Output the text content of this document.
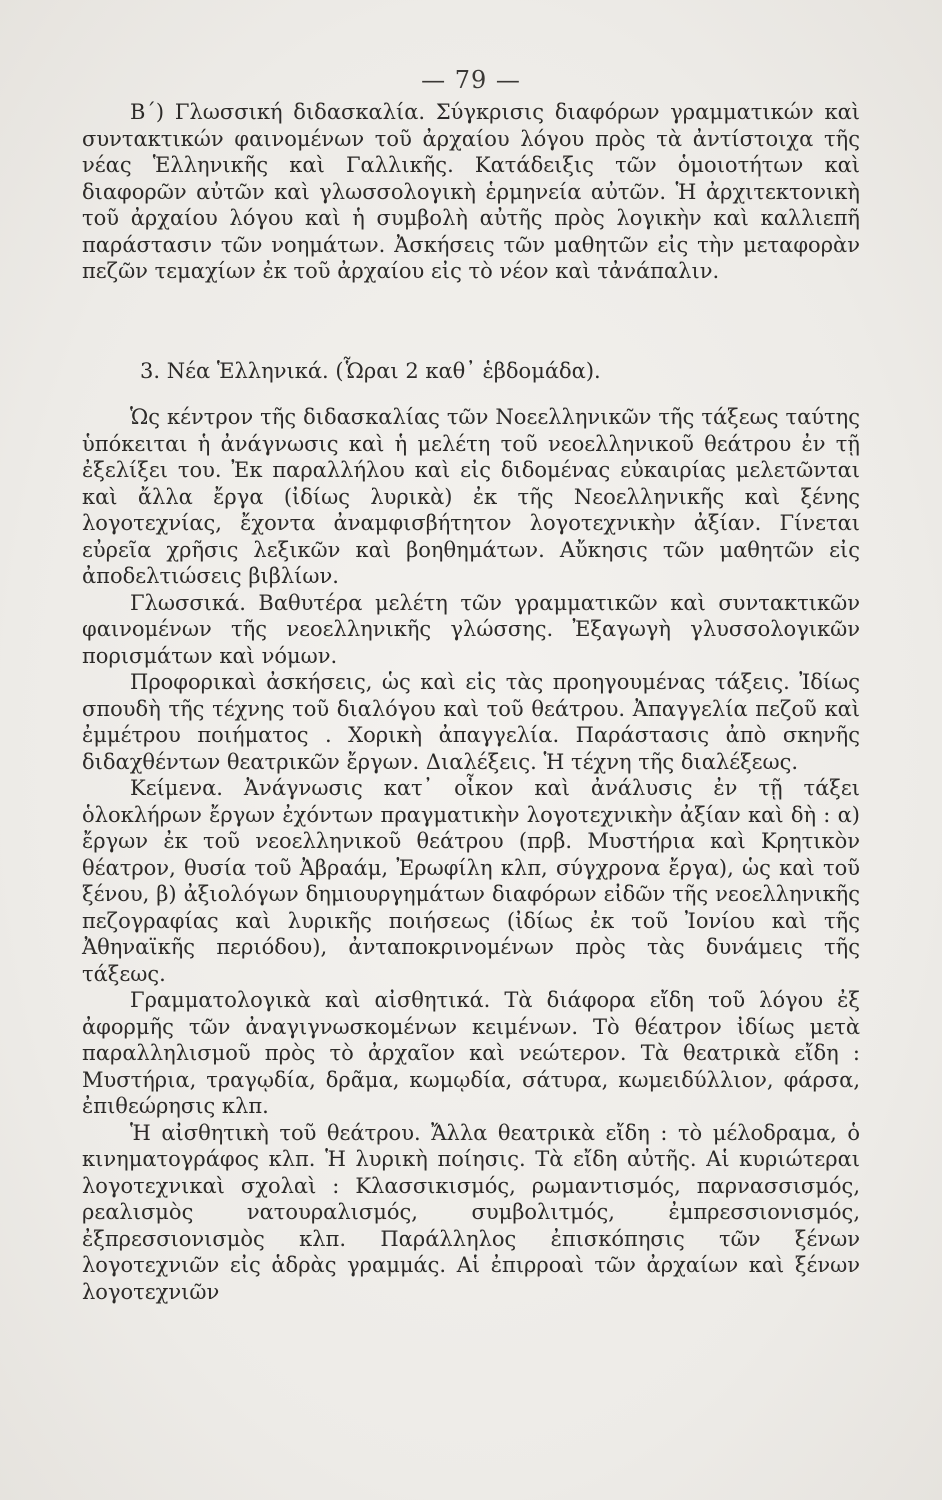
— 79 —

Β΄) Γλωσσική διδασκαλία. Σύγκρισις διαφόρων γραμματικών καὶ συντακτικών φαινομένων τοῦ ἀρχαίου λόγου πρὸς τὰ ἀντίστοιχα τῆς νέας Ἑλληνικῆς καὶ Γαλλικῆς. Κατάδειξις τῶν ὁμοιοτήτων καὶ διαφορῶν αὐτῶν καὶ γλωσσολογικὴ ἑρμηνεία αὐτῶν. Ἡ ἀρχιτεκτονικὴ τοῦ ἀρχαίου λόγου καὶ ἡ συμβολὴ αὐτῆς πρὸς λογικὴν καὶ καλλιεπῆ παράστασιν τῶν νοημάτων. Ἀσκήσεις τῶν μαθητῶν εἰς τὴν μεταφορὰν πεζῶν τεμαχίων ἐκ τοῦ ἀρχαίου εἰς τὸ νέον καὶ τἀνάπαλιν.

3. Νέα Ἑλληνικά. (Ὧραι 2 καθ᾽ ἑβδομάδα).

Ὡς κέντρον τῆς διδασκαλίας τῶν Νοεελληνικῶν τῆς τάξεως ταύτης ὑπόκειται ἡ ἀνάγνωσις καὶ ἡ μελέτη τοῦ νεοελληνικοῦ θεάτρου ἐν τῇ ἐξελίξει του. Ἐκ παραλλήλου καὶ εἰς διδομένας εὐκαιρίας μελετῶνται καὶ ἄλλα ἔργα (ἰδίως λυρικὰ) ἐκ τῆς Νεοελληνικῆς καὶ ξένης λογοτεχνίας, ἔχοντα ἀναμφισβήτητον λογοτεχνικὴν ἀξίαν. Γίνεται εὐρεῖα χρῆσις λεξικῶν καὶ βοηθημάτων. Αὔκησις τῶν μαθητῶν εἰς ἀποδελτιώσεις βιβλίων.

Γλωσσικά. Βαθυτέρα μελέτη τῶν γραμματικῶν καὶ συντακτικῶν φαινομένων τῆς νεοελληνικῆς γλώσσης. Ἐξαγωγὴ γλυσσολογικῶν πορισμάτων καὶ νόμων.

Προφορικαὶ ἀσκήσεις, ὡς καὶ εἰς τὰς προηγουμένας τάξεις. Ἰδίως σπουδὴ τῆς τέχνης τοῦ διαλόγου καὶ τοῦ θεάτρου. Ἀπαγγελία πεζοῦ καὶ ἐμμέτρου ποιήματος . Χορικὴ ἀπαγγελία. Παράστασις ἀπὸ σκηνῆς διδαχθέντων θεατρικῶν ἔργων. Διαλέξεις. Ἡ τέχνη τῆς διαλέξεως.

Κείμενα. Ἀνάγνωσις κατ᾽ οἶκον καὶ ἀνάλυσις ἐν τῇ τάξει ὁλοκλήρων ἔργων ἐχόντων πραγματικὴν λογοτεχνικὴν ἀξίαν καὶ δὴ : α) ἔργων ἐκ τοῦ νεοελληνικοῦ θεάτρου (πρβ. Μυστήρια καὶ Κρητικὸν θέατρον, θυσία τοῦ Ἀβραάμ, Ἐρωφίλη κλπ, σύγχρονα ἔργα), ὡς καὶ τοῦ ξένου, β) ἀξιολόγων δημιουργημάτων διαφόρων εἰδῶν τῆς νεοελληνικῆς πεζογραφίας καὶ λυρικῆς ποιήσεως (ἰδίως ἐκ τοῦ Ἰονίου καὶ τῆς Ἀθηναϊκῆς περιόδου), ἀνταποκρινομένων πρὸς τὰς δυνάμεις τῆς τάξεως.

Γραμματολογικὰ καὶ αἰσθητικά. Τὰ διάφορα εἴδη τοῦ λόγου ἐξ ἀφορμῆς τῶν ἀναγιγνωσκομένων κειμένων. Τὸ θέατρον ἰδίως μετὰ παραλληλισμοῦ πρὸς τὸ ἀρχαῖον καὶ νεώτερον. Τὰ θεατρικὰ εἴδη : Μυστήρια, τραγῳδία, δρᾶμα, κωμῳδία, σάτυρα, κωμειδύλλιον, φάρσα, ἐπιθεώρησις κλπ.

Ἡ αἰσθητικὴ τοῦ θεάτρου. Ἄλλα θεατρικὰ εἴδη : τὸ μέλοδραμα, ὁ κινηματογράφος κλπ. Ἡ λυρικὴ ποίησις. Τὰ εἴδη αὐτῆς. Αἱ κυριώτεραι λογοτεχνικαὶ σχολαὶ : Κλασσικισμός, ρωμαντισμός, παρνασσισμός, ρεαλισμὸς νατουραλισμός, συμβολιτμός, ἐμπρεσσιονισμός, ἐξπρεσσιονισμὸς κλπ. Παράλληλος ἐπισκόπησις τῶν ξένων λογοτεχνιῶν εἰς ἁδρὰς γραμμάς. Αἱ ἐπιρροαὶ τῶν ἀρχαίων καὶ ξένων λογοτεχνιῶν
